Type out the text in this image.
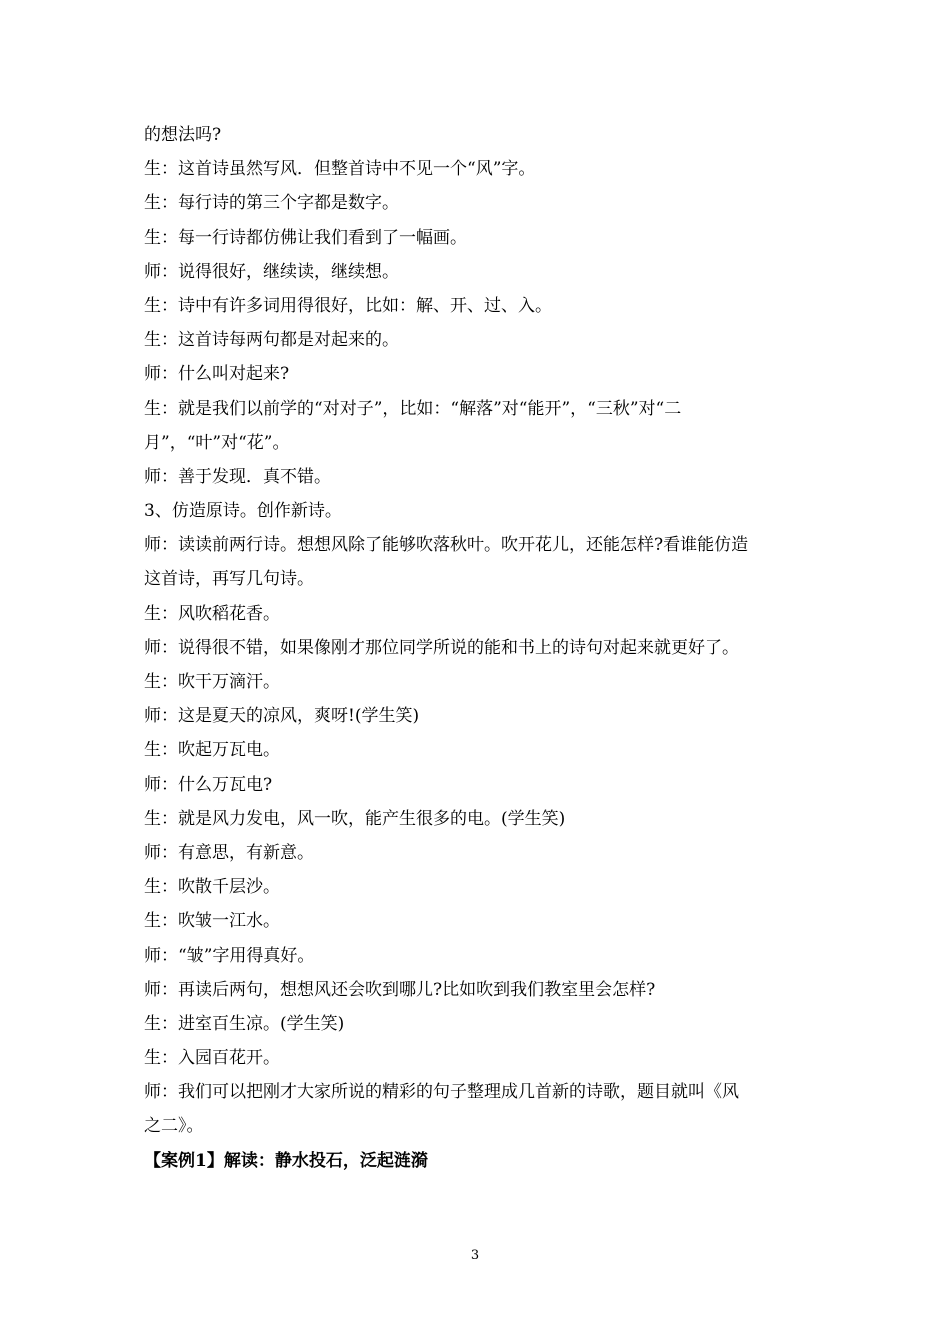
的想法吗?
生：这首诗虽然写风．但整首诗中不见一个“风”字。
生：每行诗的第三个字都是数字。
生：每一行诗都仿佛让我们看到了一幅画。
师：说得很好，继续读，继续想。
生：诗中有许多词用得很好，比如：解、开、过、入。
生：这首诗每两句都是对起来的。
师：什么叫对起来?
生：就是我们以前学的“对对子”，比如：“解落”对“能开”，“三秋”对“二
月”，“叶”对“花”。
师：善于发现．真不错。
3、仿造原诗。创作新诗。
师：读读前两行诗。想想风除了能够吹落秋叶。吹开花儿，还能怎样?看谁能仿造
这首诗，再写几句诗。
生：风吹稻花香。
师：说得很不错，如果像刚才那位同学所说的能和书上的诗句对起来就更好了。
生：吹干万滴汗。
师：这是夏天的凉风，爽呀!(学生笑)
生：吹起万瓦电。
师：什么万瓦电?
生：就是风力发电，风一吹，能产生很多的电。(学生笑)
师：有意思，有新意。
生：吹散千层沙。
生：吹皱一江水。
师：“皱”字用得真好。
师：再读后两句，想想风还会吹到哪儿?比如吹到我们教室里会怎样?
生：进室百生凉。(学生笑)
生：入园百花开。
师：我们可以把刚才大家所说的精彩的句子整理成几首新的诗歌，题目就叫《风
之二》。
【案例1】解读：静水投石，泛起涟漪
3
